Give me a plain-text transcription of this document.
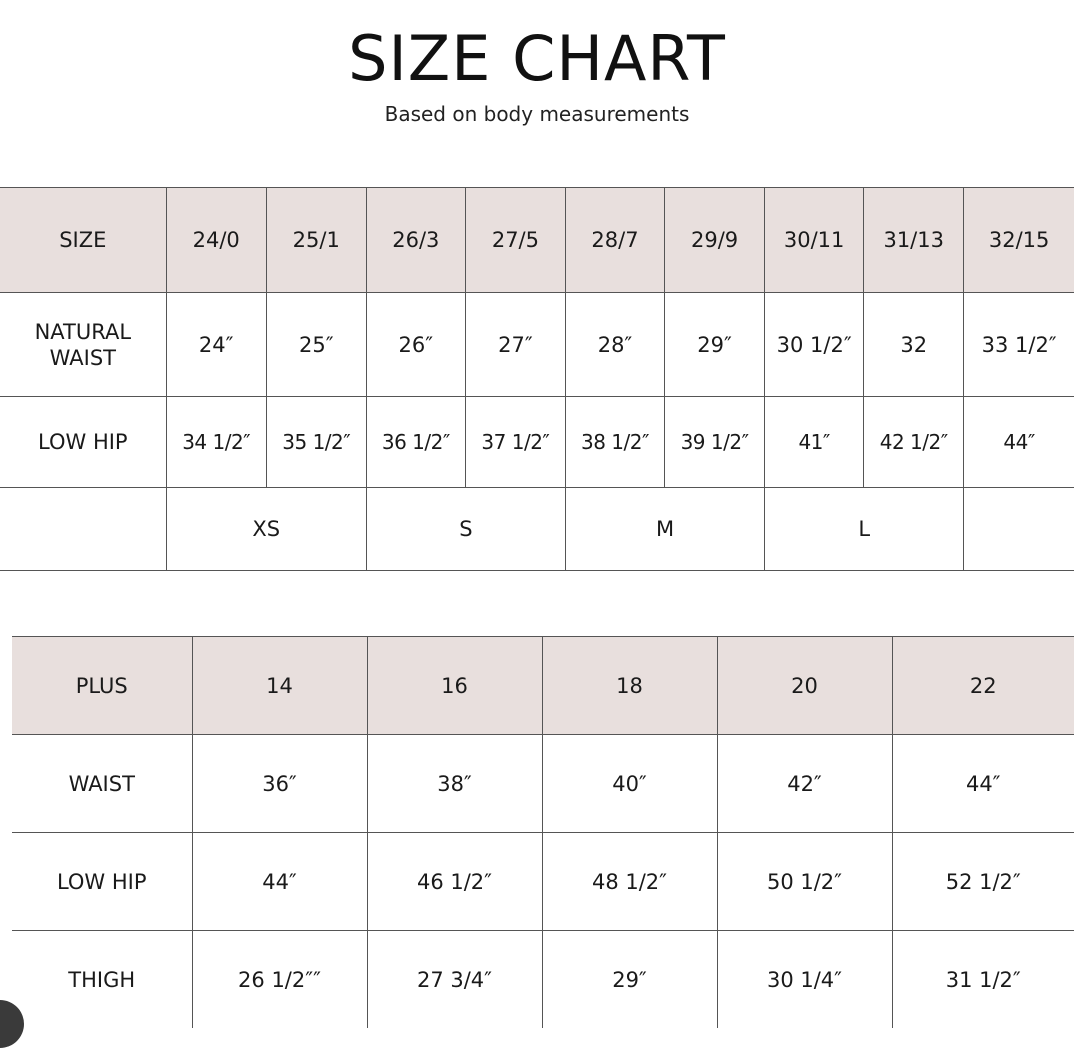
SIZE CHART
Based on body measurements
SIZE	24/0	25/1	26/3	27/5	28/7	29/9	30/11	31/13	32/15
NATURAL
WAIST	24″	25″	26″	27″	28″	29″	30 1/2″	32	33 1/2″
LOW HIP	34 1/2″	35 1/2″	36 1/2″	37 1/2″	38 1/2″	39 1/2″	41″	42 1/2″	44″
	XS		S		M		L		
PLUS	14	16	18	20	22
WAIST	36″	38″	40″	42″	44″
LOW HIP	44″	46 1/2″	48 1/2″	50 1/2″	52 1/2″
THIGH	26 1/2″″	27 3/4″	29″	30 1/4″	31 1/2″
